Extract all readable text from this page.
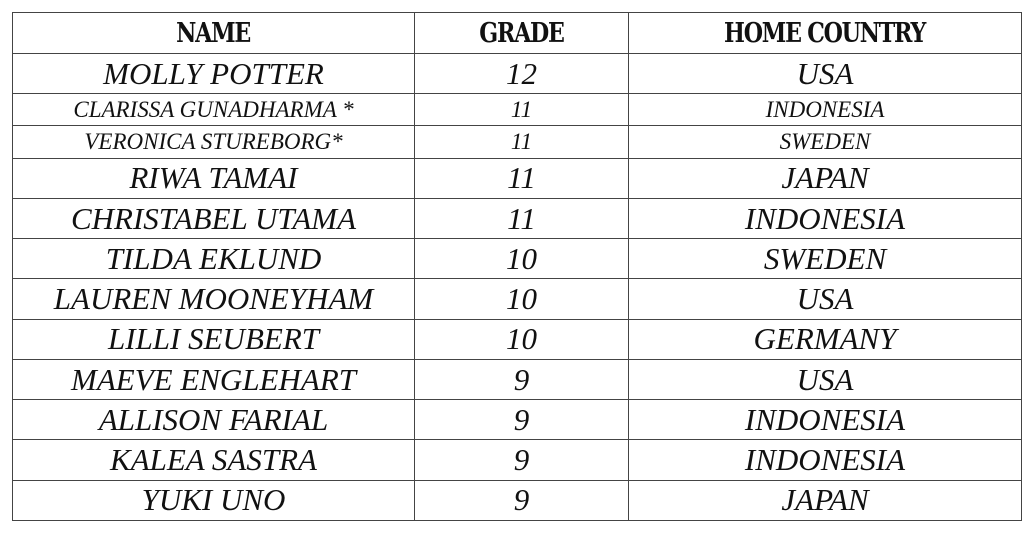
NAME	GRADE	HOME COUNTRY
MOLLY POTTER	12	USA
CLARISSA GUNADHARMA *	11	INDONESIA
VERONICA STUREBORG*	11	SWEDEN
RIWA TAMAI	11	JAPAN
CHRISTABEL UTAMA	11	INDONESIA
TILDA EKLUND	10	SWEDEN
LAUREN MOONEYHAM	10	USA
LILLI SEUBERT	10	GERMANY
MAEVE ENGLEHART	9	USA
ALLISON FARIAL	9	INDONESIA
KALEA SASTRA	9	INDONESIA
YUKI UNO	9	JAPAN
